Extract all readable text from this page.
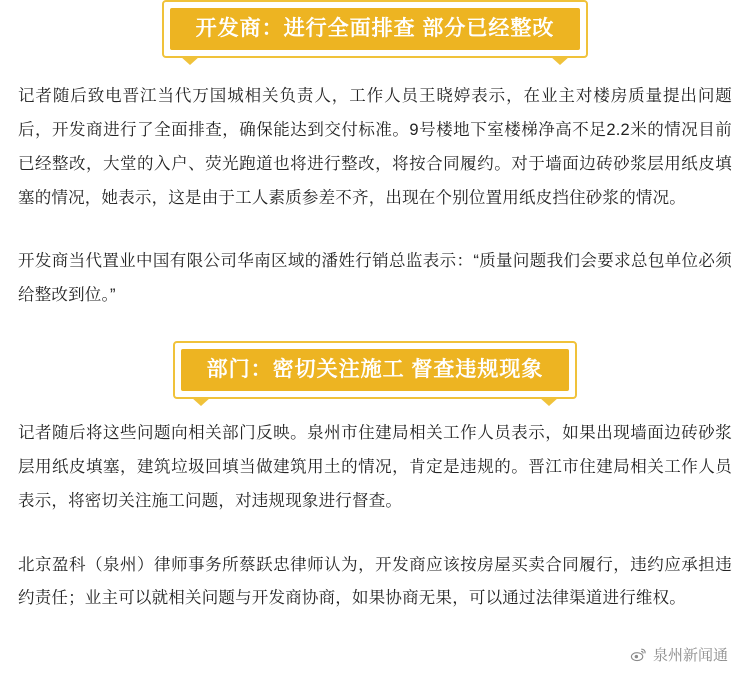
开发商：进行全面排查 部分已经整改

记者随后致电晋江当代万国城相关负责人，工作人员王晓婷表示，在业主对楼房质量提出问题后，开发商进行了全面排查，确保能达到交付标准。9号楼地下室楼梯净高不足2.2米的情况目前已经整改，大堂的入户、荧光跑道也将进行整改，将按合同履约。对于墙面边砖砂浆层用纸皮填塞的情况，她表示，这是由于工人素质参差不齐，出现在个别位置用纸皮挡住砂浆的情况。

开发商当代置业中国有限公司华南区域的潘姓行销总监表示：“质量问题我们会要求总包单位必须给整改到位。”

部门：密切关注施工 督查违规现象

记者随后将这些问题向相关部门反映。泉州市住建局相关工作人员表示，如果出现墙面边砖砂浆层用纸皮填塞，建筑垃圾回填当做建筑用土的情况，肯定是违规的。晋江市住建局相关工作人员表示，将密切关注施工问题，对违规现象进行督查。

北京盈科（泉州）律师事务所蔡跃忠律师认为，开发商应该按房屋买卖合同履行，违约应承担违约责任；业主可以就相关问题与开发商协商，如果协商无果，可以通过法律渠道进行维权。

泉州新闻通
